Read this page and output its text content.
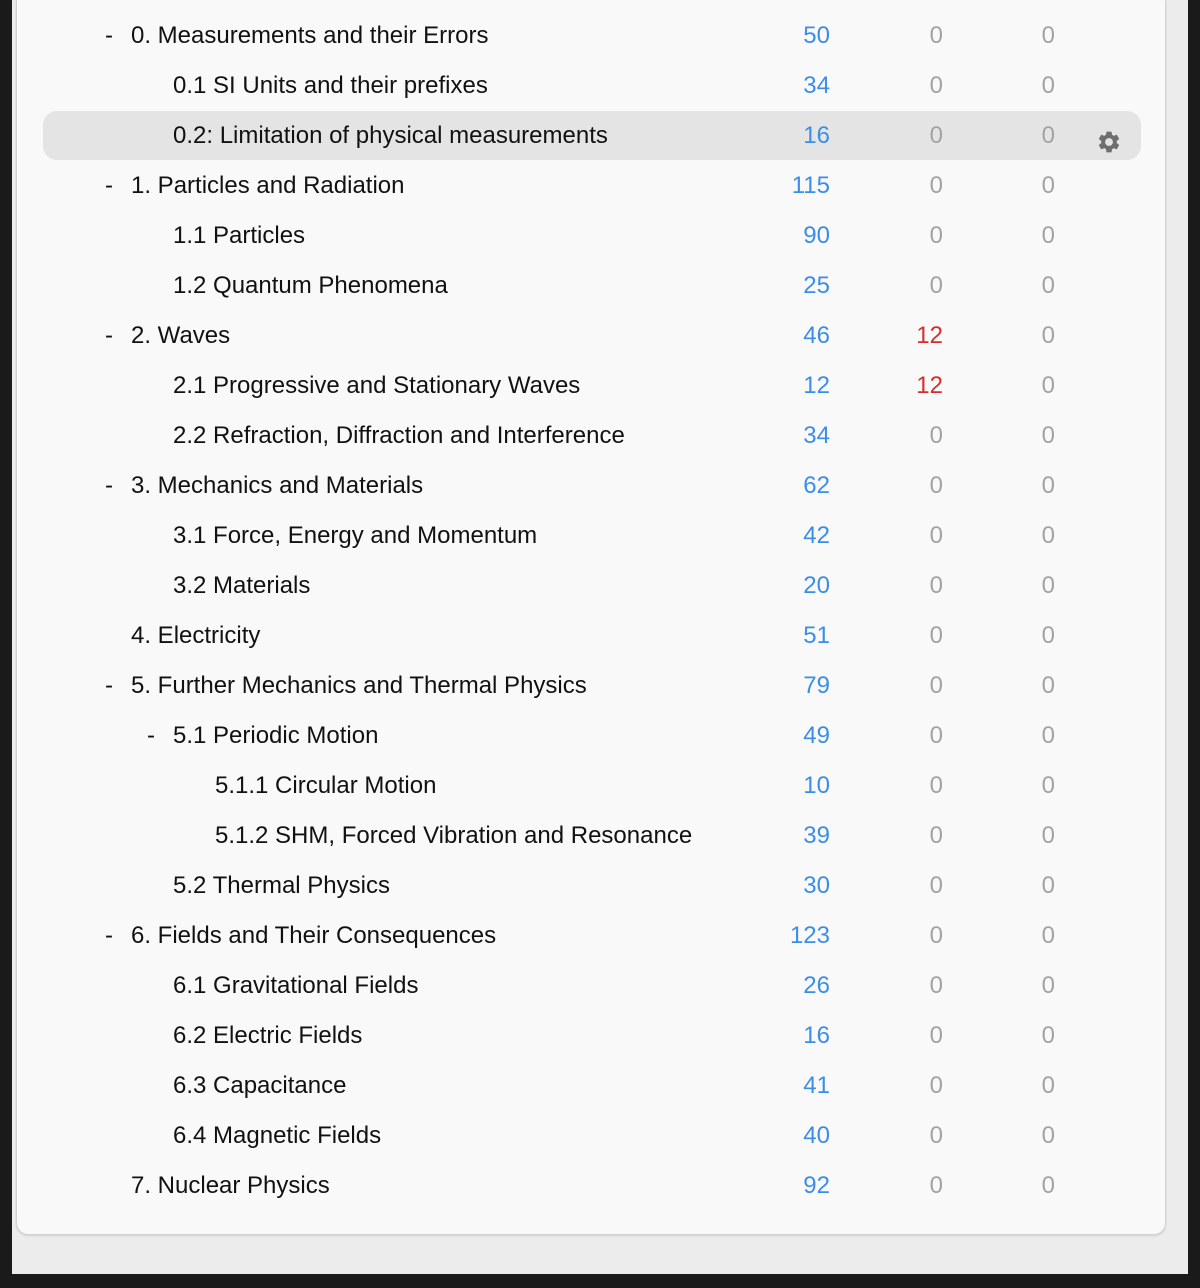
- 0. Measurements and their Errors	50	0	0
0.1 SI Units and their prefixes	34	0	0
0.2: Limitation of physical measurements	16	0	0
- 1. Particles and Radiation	115	0	0
1.1 Particles	90	0	0
1.2 Quantum Phenomena	25	0	0
- 2. Waves	46	12	0
2.1 Progressive and Stationary Waves	12	12	0
2.2 Refraction, Diffraction and Interference	34	0	0
- 3. Mechanics and Materials	62	0	0
3.1 Force, Energy and Momentum	42	0	0
3.2 Materials	20	0	0
4. Electricity	51	0	0
- 5. Further Mechanics and Thermal Physics	79	0	0
- 5.1 Periodic Motion	49	0	0
5.1.1 Circular Motion	10	0	0
5.1.2 SHM, Forced Vibration and Resonance	39	0	0
5.2 Thermal Physics	30	0	0
- 6. Fields and Their Consequences	123	0	0
6.1 Gravitational Fields	26	0	0
6.2 Electric Fields	16	0	0
6.3 Capacitance	41	0	0
6.4 Magnetic Fields	40	0	0
7. Nuclear Physics	92	0	0
